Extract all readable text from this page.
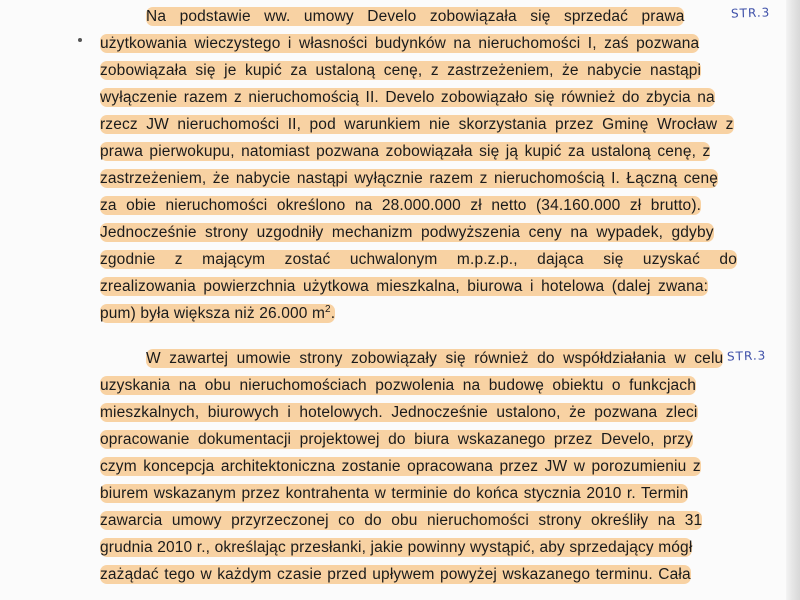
Na podstawie ww. umowy Develo zobowiązała się sprzedać prawa
użytkowania wieczystego i własności budynków na nieruchomości I, zaś pozwana
zobowiązała się je kupić za ustaloną cenę, z zastrzeżeniem, że nabycie nastąpi
wyłączenie razem z nieruchomością II. Develo zobowiązało się również do zbycia na
rzecz JW nieruchomości II, pod warunkiem nie skorzystania przez Gminę Wrocław z
prawa pierwokupu, natomiast pozwana zobowiązała się ją kupić za ustaloną cenę, z
zastrzeżeniem, że nabycie nastąpi wyłącznie razem z nieruchomością I. Łączną cenę
za obie nieruchomości określono na 28.000.000 zł netto (34.160.000 zł brutto).
Jednocześnie strony uzgodniły mechanizm podwyższenia ceny na wypadek, gdyby
zgodnie z mającym zostać uchwalonym m.p.z.p., dająca się uzyskać do
zrealizowania powierzchnia użytkowa mieszkalna, biurowa i hotelowa (dalej zwana:
pum) była większa niż 26.000 $m^2$.
STR.3
W zawartej umowie strony zobowiązały się również do współdziałania w celu
uzyskania na obu nieruchomościach pozwolenia na budowę obiektu o funkcjach
mieszkalnych, biurowych i hotelowych. Jednocześnie ustalono, że pozwana zleci
opracowanie dokumentacji projektowej do biura wskazanego przez Develo, przy
czym koncepcja architektoniczna zostanie opracowana przez JW w porozumieniu z
biurem wskazanym przez kontrahenta w terminie do końca stycznia 2010 r. Termin
zawarcia umowy przyrzeczonej co do obu nieruchomości strony określiły na 31
grudnia 2010 r., określając przesłanki, jakie powinny wystąpić, aby sprzedający mógł
zażądać tego w każdym czasie przed upływem powyżej wskazanego terminu. Cała
STR.3
